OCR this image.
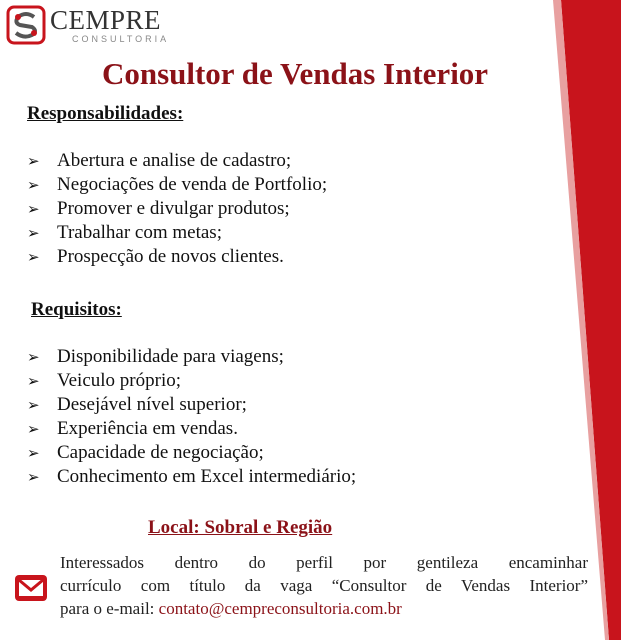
CEMPRE
CONSULTORIA
Consultor de Vendas Interior
Responsabilidades:
➢ Abertura e analise de cadastro;
➢ Negociações de venda de Portfolio;
➢ Promover e divulgar produtos;
➢ Trabalhar com metas;
➢ Prospecção de novos clientes.
Requisitos:
➢ Disponibilidade para viagens;
➢ Veiculo próprio;
➢ Desejável nível superior;
➢ Experiência em vendas.
➢ Capacidade de negociação;
➢ Conhecimento em Excel intermediário;
Local: Sobral e Região
Interessados dentro do perfil por gentileza encaminhar
currículo com título da vaga “Consultor de Vendas Interior”
para o e-mail: contato@cempreconsultoria.com.br
